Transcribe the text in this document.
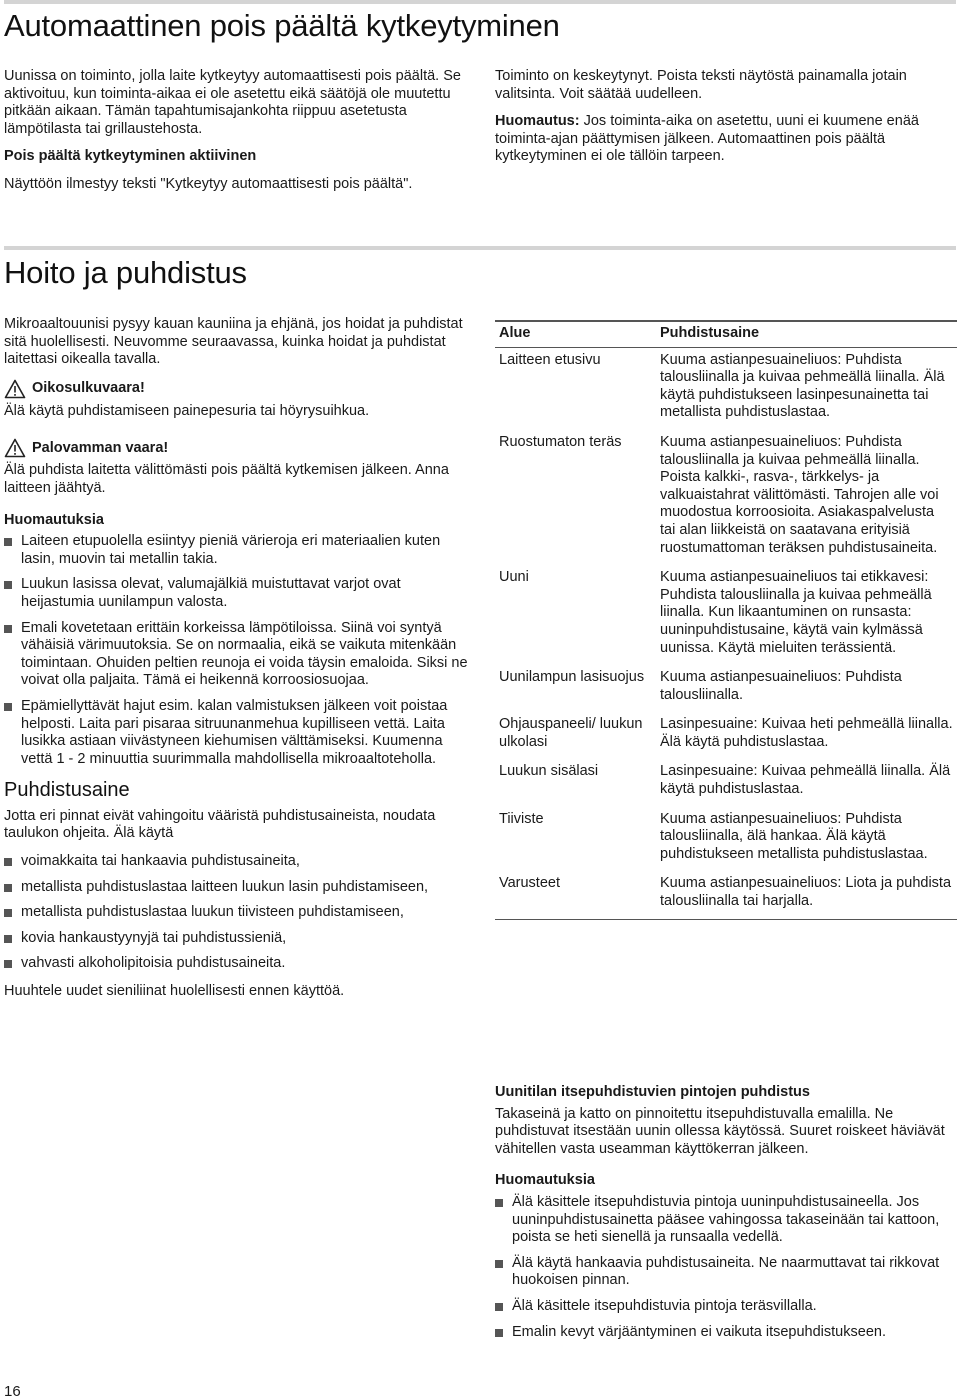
Automaattinen pois päältä kytkeytyminen

Uunissa on toiminto, jolla laite kytkeytyy automaattisesti pois päältä. Se aktivoituu, kun toiminta-aikaa ei ole asetettu eikä säätöjä ole muutettu pitkään aikaan. Tämän tapahtumisajankohta riippuu asetetusta lämpötilasta tai grillaustehosta.

Pois päältä kytkeytyminen aktiivinen

Näyttöön ilmestyy teksti "Kytkeytyy automaattisesti pois päältä".

Toiminto on keskeytynyt. Poista teksti näytöstä painamalla jotain valitsinta. Voit säätää uudelleen.

Huomautus: Jos toiminta-aika on asetettu, uuni ei kuumene enää toiminta-ajan päättymisen jälkeen. Automaattinen pois päältä kytkeytyminen ei ole tällöin tarpeen.

Hoito ja puhdistus

Mikroaaltouunisi pysyy kauan kauniina ja ehjänä, jos hoidat ja puhdistat sitä huolellisesti. Neuvomme seuraavassa, kuinka hoidat ja puhdistat laitettasi oikealla tavalla.

Oikosulkuvaara!

Älä käytä puhdistamiseen painepesuria tai höyrysuihkua.

Palovamman vaara!

Älä puhdista laitetta välittömästi pois päältä kytkemisen jälkeen. Anna laitteen jäähtyä.

Huomautuksia

Laiteen etupuolella esiintyy pieniä värieroja eri materiaalien kuten lasin, muovin tai metallin takia.
Luukun lasissa olevat, valumajälkiä muistuttavat varjot ovat heijastumia uunilampun valosta.
Emali kovetetaan erittäin korkeissa lämpötiloissa. Siinä voi syntyä vähäisiä värimuutoksia. Se on normaalia, eikä se vaikuta mitenkään toimintaan. Ohuiden peltien reunoja ei voida täysin emaloida. Siksi ne voivat olla paljaita. Tämä ei heikennä korroosiosuojaa.
Epämiellyttävät hajut esim. kalan valmistuksen jälkeen voit poistaa helposti. Laita pari pisaraa sitruunanmehua kupilliseen vettä. Laita lusikka astiaan viivästyneen kiehumisen välttämiseksi. Kuumenna vettä 1 - 2 minuuttia suurimmalla mahdollisella mikroaaltoteholla.
Puhdistusaine

Jotta eri pinnat eivät vahingoitu vääristä puhdistusaineista, noudata taulukon ohjeita. Älä käytä

voimakkaita tai hankaavia puhdistusaineita,
metallista puhdistuslastaa laitteen luukun lasin puhdistamiseen,
metallista puhdistuslastaa luukun tiivisteen puhdistamiseen,
kovia hankaustyynyjä tai puhdistussieniä,
vahvasti alkoholipitoisia puhdistusaineita.

Huuhtele uudet sieniliinat huolellisesti ennen käyttöä.

Alue	Puhdistusaine
Laitteen etusivu	Kuuma astianpesuaineliuos: Puhdista talousliinalla ja kuivaa pehmeällä liinalla. Älä käytä puhdistukseen lasinpesunainetta tai metallista puhdistuslastaa.
Ruostumaton teräs	Kuuma astianpesuaineliuos: Puhdista talousliinalla ja kuivaa pehmeällä liinalla. Poista kalkki-, rasva-, tärkkelys- ja valkuaistahrat välittömästi. Tahrojen alle voi muodostua korroosioita. Asiakaspalvelusta tai alan liikkeistä on saatavana erityisiä ruostumattoman teräksen puhdistusaineita.
Uuni	Kuuma astianpesuaineliuos tai etikkavesi: Puhdista talousliinalla ja kuivaa pehmeällä liinalla. Kun likaantuminen on runsasta: uuninpuhdistusaine, käytä vain kylmässä uunissa. Käytä mieluiten terässientä.
Uunilampun lasisuojus	Kuuma astianpesuaineliuos: Puhdista talousliinalla.
Ohjauspaneeli/ luukun ulkolasi	Lasinpesuaine: Kuivaa heti pehmeällä liinalla. Älä käytä puhdistuslastaa.
Luukun sisälasi	Lasinpesuaine: Kuivaa pehmeällä liinalla. Älä käytä puhdistuslastaa.
Tiiviste	Kuuma astianpesuaineliuos: Puhdista talousliinalla, älä hankaa. Älä käytä puhdistukseen metallista puhdistuslastaa.
Varusteet	Kuuma astianpesuaineliuos: Liota ja puhdista talousliinalla tai harjalla.

Uunitilan itsepuhdistuvien pintojen puhdistus

Takaseinä ja katto on pinnoitettu itsepuhdistuvalla emalilla. Ne puhdistuvat itsestään uunin ollessa käytössä. Suuret roiskeet häviävät vähitellen vasta useamman käyttökerran jälkeen.

Huomautuksia

Älä käsittele itsepuhdistuvia pintoja uuninpuhdistusaineella. Jos uuninpuhdistusainetta pääsee vahingossa takaseinään tai kattoon, poista se heti sienellä ja runsaalla vedellä.
Älä käytä hankaavia puhdistusaineita. Ne naarmuttavat tai rikkovat huokoisen pinnan.
Älä käsittele itsepuhdistuvia pintoja teräsvillalla.
Emalin kevyt värjääntyminen ei vaikuta itsepuhdistukseen.
16
